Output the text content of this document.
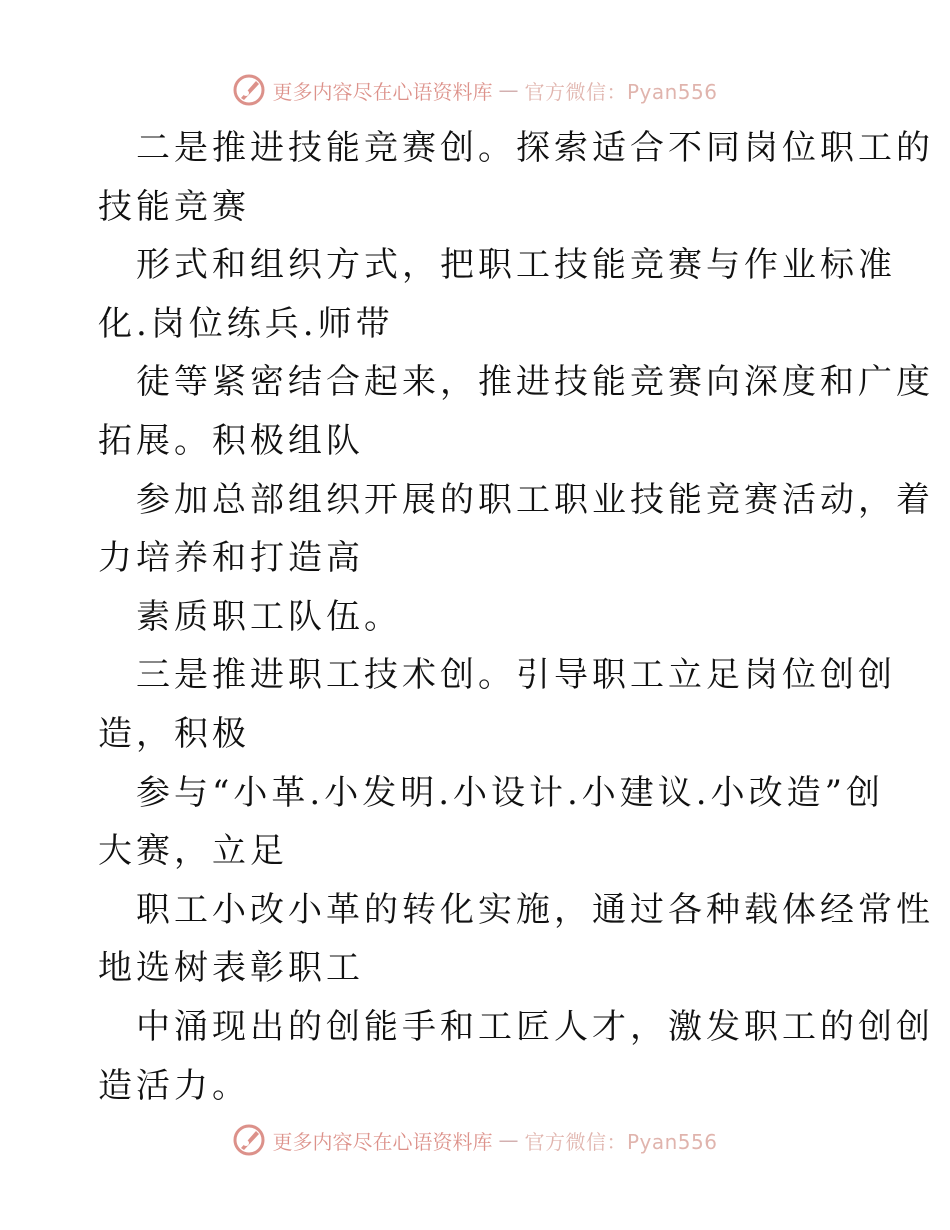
更多内容尽在心语资料库 — 官方微信：Pyan556
二是推进技能竞赛创。探索适合不同岗位职工的
技能竞赛
形式和组织方式，把职工技能竞赛与作业标准
化.岗位练兵.师带
徒等紧密结合起来，推进技能竞赛向深度和广度
拓展。积极组队
参加总部组织开展的职工职业技能竞赛活动，着
力培养和打造高
素质职工队伍。
三是推进职工技术创。引导职工立足岗位创创
造，积极
参与“小革.小发明.小设计.小建议.小改造”创
大赛，立足
职工小改小革的转化实施，通过各种载体经常性
地选树表彰职工
中涌现出的创能手和工匠人才，激发职工的创创
造活力。
更多内容尽在心语资料库 — 官方微信：Pyan556
